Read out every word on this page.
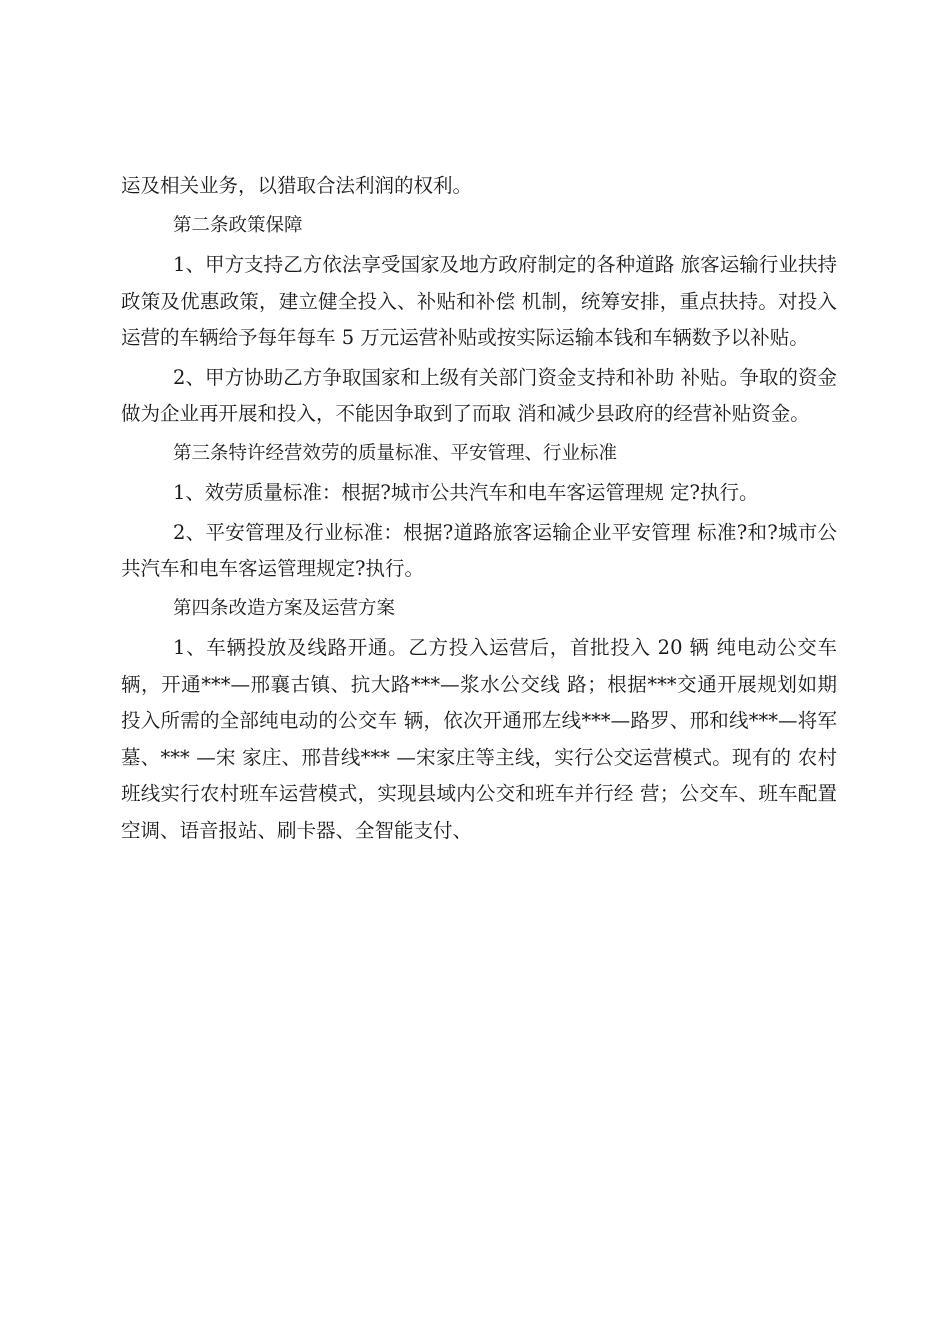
运及相关业务，以猎取合法利润的权利。

第二条政策保障

1、甲方支持乙方依法享受国家及地方政府制定的各种道路 旅客运输行业扶持政策及优惠政策，建立健全投入、补贴和补偿 机制，统筹安排，重点扶持。对投入运营的车辆给予每年每车 5 万元运营补贴或按实际运输本钱和车辆数予以补贴。

2、甲方协助乙方争取国家和上级有关部门资金支持和补助 补贴。争取的资金做为企业再开展和投入，不能因争取到了而取 消和减少县政府的经营补贴资金。

第三条特许经营效劳的质量标准、平安管理、行业标准

1、效劳质量标准：根据?城市公共汽车和电车客运管理规 定?执行。

2、平安管理及行业标准：根据?道路旅客运输企业平安管理 标准?和?城市公共汽车和电车客运管理规定?执行。

第四条改造方案及运营方案

1、车辆投放及线路开通。乙方投入运营后，首批投入 20 辆 纯电动公交车辆，开通***—邢襄古镇、抗大路***—浆水公交线 路；根据***交通开展规划如期投入所需的全部纯电动的公交车 辆，依次开通邢左线***—路罗、邢和线***—将军墓、*** —宋 家庄、邢昔线*** —宋家庄等主线，实行公交运营模式。现有的 农村班线实行农村班车运营模式，实现县域内公交和班车并行经 营；公交车、班车配置空调、语音报站、刷卡器、全智能支付、
